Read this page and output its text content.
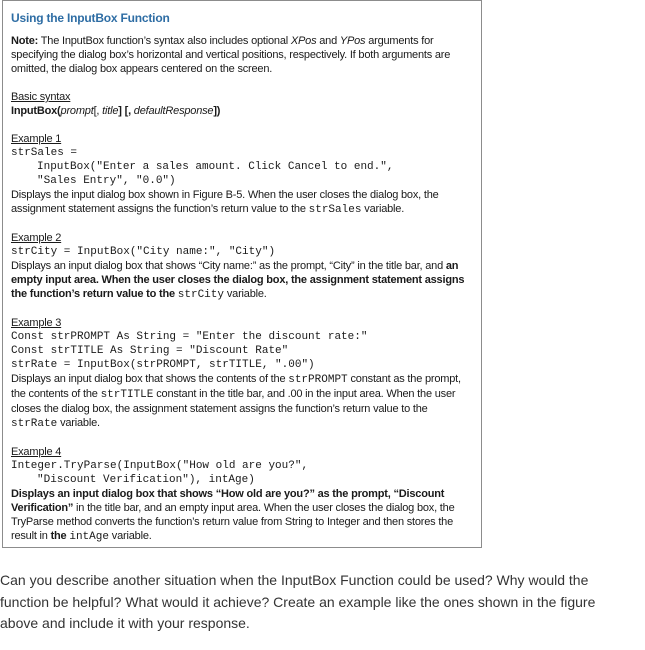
Using the InputBox Function

Note: The InputBox function’s syntax also includes optional XPos and YPos arguments for specifying the dialog box’s horizontal and vertical positions, respectively. If both arguments are omitted, the dialog box appears centered on the screen.

Basic syntax
InputBox(prompt[, title] [, defaultResponse])
Example 1
strSales =
InputBox("Enter a sales amount. Click Cancel to end.",
"Sales Entry", "0.0")

Displays the input dialog box shown in Figure B-5. When the user closes the dialog box, the assignment statement assigns the function’s return value to the strSales variable.

Example 2
strCity = InputBox("City name:", "City")

Displays an input dialog box that shows “City name:” as the prompt, “City” in the title bar, and an empty input area. When the user closes the dialog box, the assignment statement assigns the function’s return value to the strCity variable.

Example 3
Const strPROMPT As String = "Enter the discount rate:"
Const strTITLE As String = "Discount Rate"
strRate = InputBox(strPROMPT, strTITLE, ".00")

Displays an input dialog box that shows the contents of the strPROMPT constant as the prompt, the contents of the strTITLE constant in the title bar, and .00 in the input area. When the user closes the dialog box, the assignment statement assigns the function’s return value to the strRate variable.

Example 4
Integer.TryParse(InputBox("How old are you?",
"Discount Verification"), intAge)

Displays an input dialog box that shows “How old are you?” as the prompt, “Discount Verification” in the title bar, and an empty input area. When the user closes the dialog box, the TryParse method converts the function’s return value from String to Integer and then stores the result in the intAge variable.

Can you describe another situation when the InputBox Function could be used? Why would the function be helpful? What would it achieve? Create an example like the ones shown in the figure above and include it with your response.
